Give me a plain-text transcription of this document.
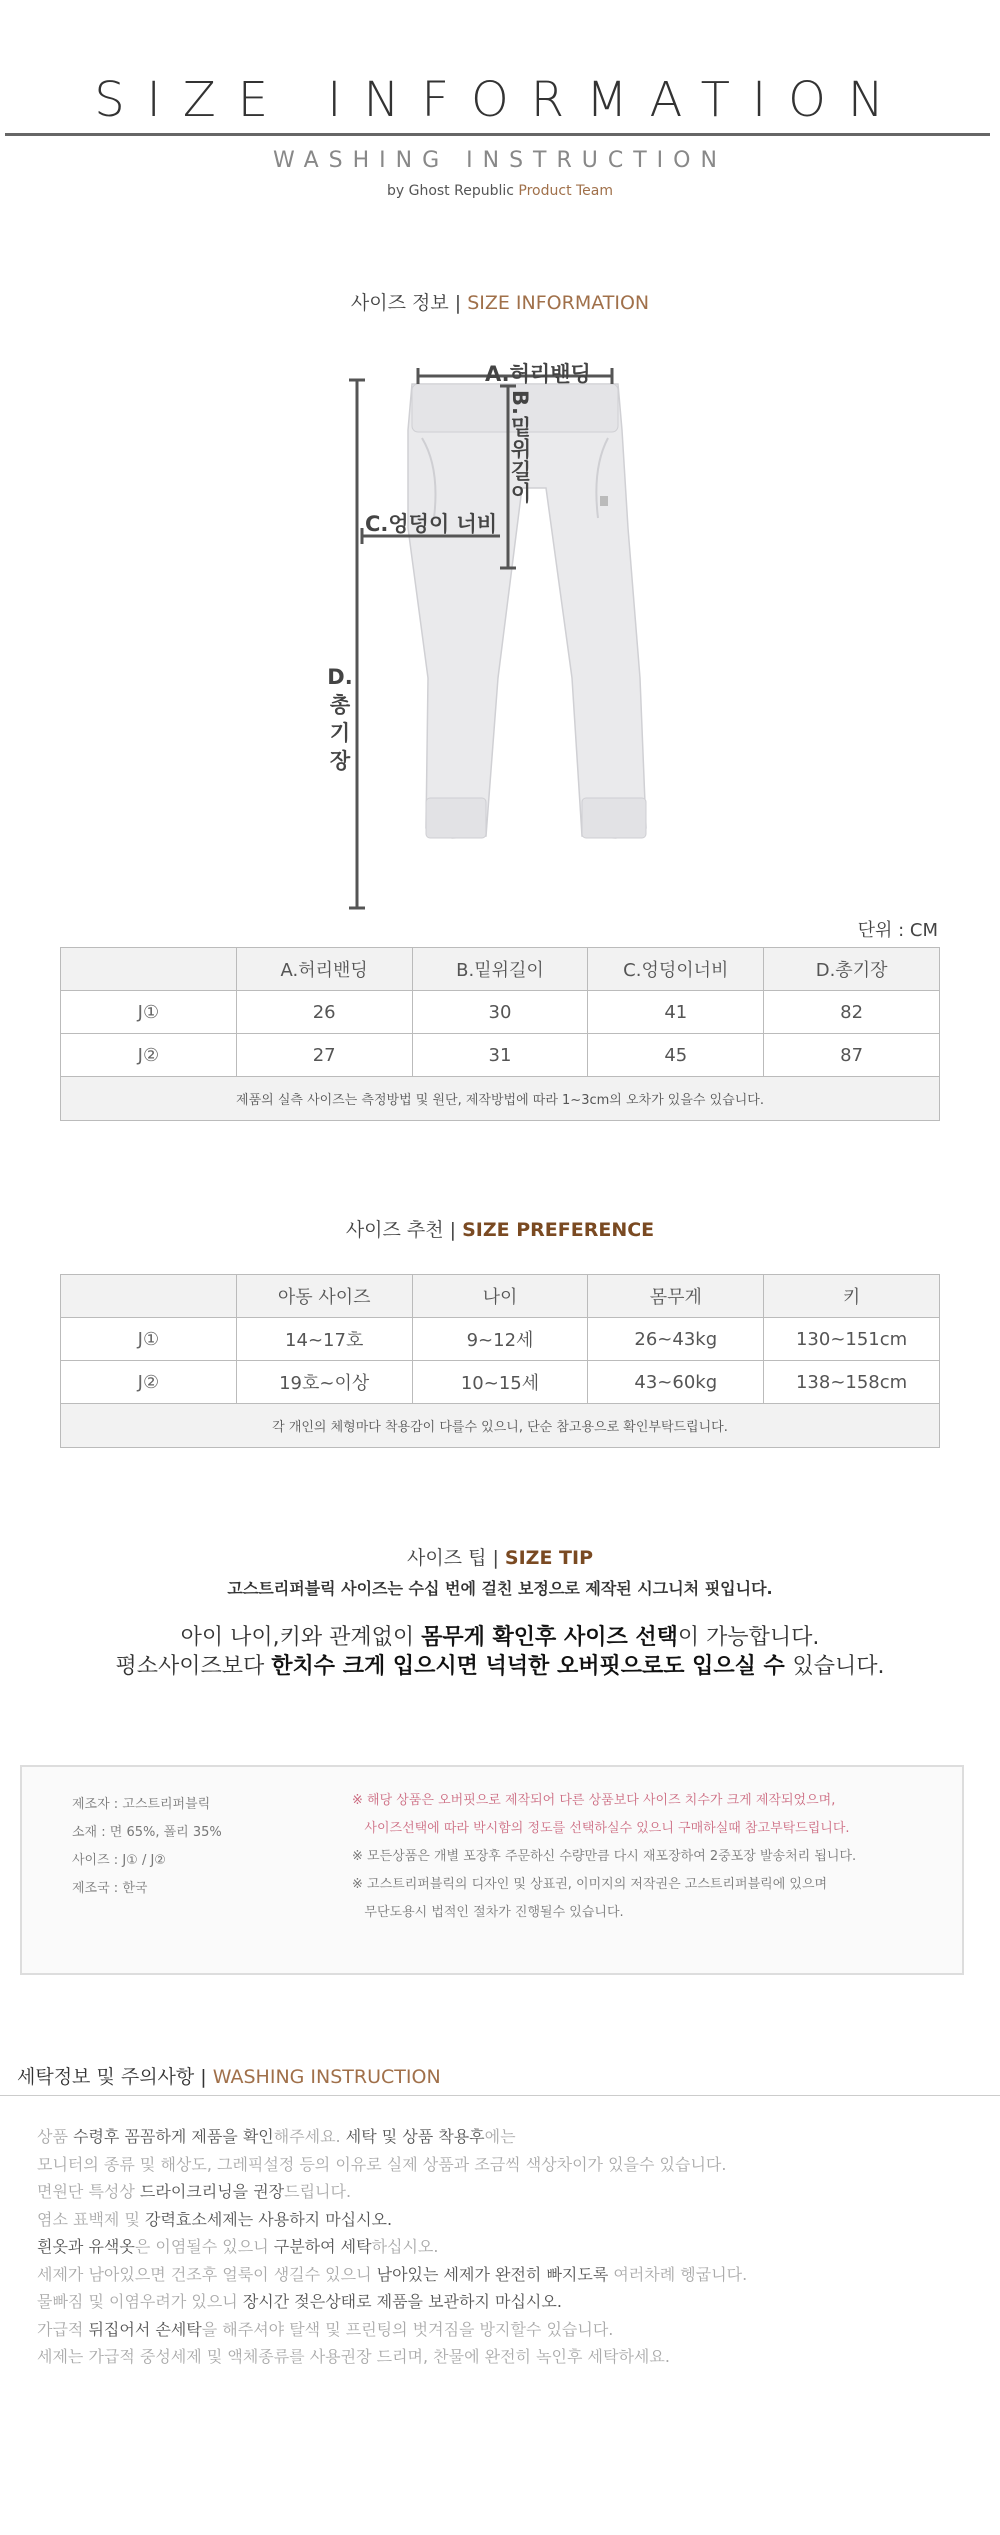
SIZE INFORMATION
WASHING INSTRUCTION
by Ghost Republic Product Team
사이즈 정보 | SIZE INFORMATION
A.허리밴딩
B.밑위길이
C.엉덩이 너비
D.총기장
단위 : CM
	A.허리밴딩	B.밑위길이	C.엉덩이너비	D.총기장
J①	26	30	41	82
J②	27	31	45	87
제품의 실측 사이즈는 측정방법 및 원단, 제작방법에 따라 1~3cm의 오차가 있을수 있습니다.				
사이즈 추천 | SIZE PREFERENCE
	아동 사이즈	나이	몸무게	키
J①	14~17호	9~12세	26~43kg	130~151cm
J②	19호~이상	10~15세	43~60kg	138~158cm
각 개인의 체형마다 착용감이 다를수 있으니, 단순 참고용으로 확인부탁드립니다.				
사이즈 팁 | SIZE TIP
고스트리퍼블릭 사이즈는 수십 번에 걸친 보정으로 제작된 시그니처 핏입니다.
아이 나이,키와 관계없이 몸무게 확인후 사이즈 선택이 가능합니다.
평소사이즈보다 한치수 크게 입으시면 넉넉한 오버핏으로도 입으실 수 있습니다.
제조자 : 고스트리퍼블릭
소재 : 면 65%, 폴리 35%
사이즈 : J① / J②
제조국 : 한국
※ 해당 상품은 오버핏으로 제작되어 다른 상품보다 사이즈 치수가 크게 제작되었으며,
사이즈선택에 따라 박시함의 정도를 선택하실수 있으니 구매하실때 참고부탁드립니다.
※ 모든상품은 개별 포장후 주문하신 수량만큼 다시 재포장하여 2중포장 발송처리 됩니다.
※ 고스트리퍼블릭의 디자인 및 상표권, 이미지의 저작권은 고스트리퍼블릭에 있으며
무단도용시 법적인 절차가 진행될수 있습니다.
세탁정보 및 주의사항 | WASHING INSTRUCTION
상품 수령후 꼼꼼하게 제품을 확인해주세요. 세탁 및 상품 착용후에는
모니터의 종류 및 해상도, 그레픽설정 등의 이유로 실제 상품과 조금씩 색상차이가 있을수 있습니다.
면원단 특성상 드라이크리닝을 권장드립니다.
염소 표백제 및 강력효소세제는 사용하지 마십시오.
흰옷과 유색옷은 이염될수 있으니 구분하여 세탁하십시오.
세제가 남아있으면 건조후 얼룩이 생길수 있으니 남아있는 세제가 완전히 빠지도록 여러차례 헹굽니다.
물빠짐 및 이염우려가 있으니 장시간 젖은상태로 제품을 보관하지 마십시오.
가급적 뒤집어서 손세탁을 해주셔야 탈색 및 프린팅의 벗겨짐을 방지할수 있습니다.
세제는 가급적 중성세제 및 액체종류를 사용권장 드리며, 찬물에 완전히 녹인후 세탁하세요.
